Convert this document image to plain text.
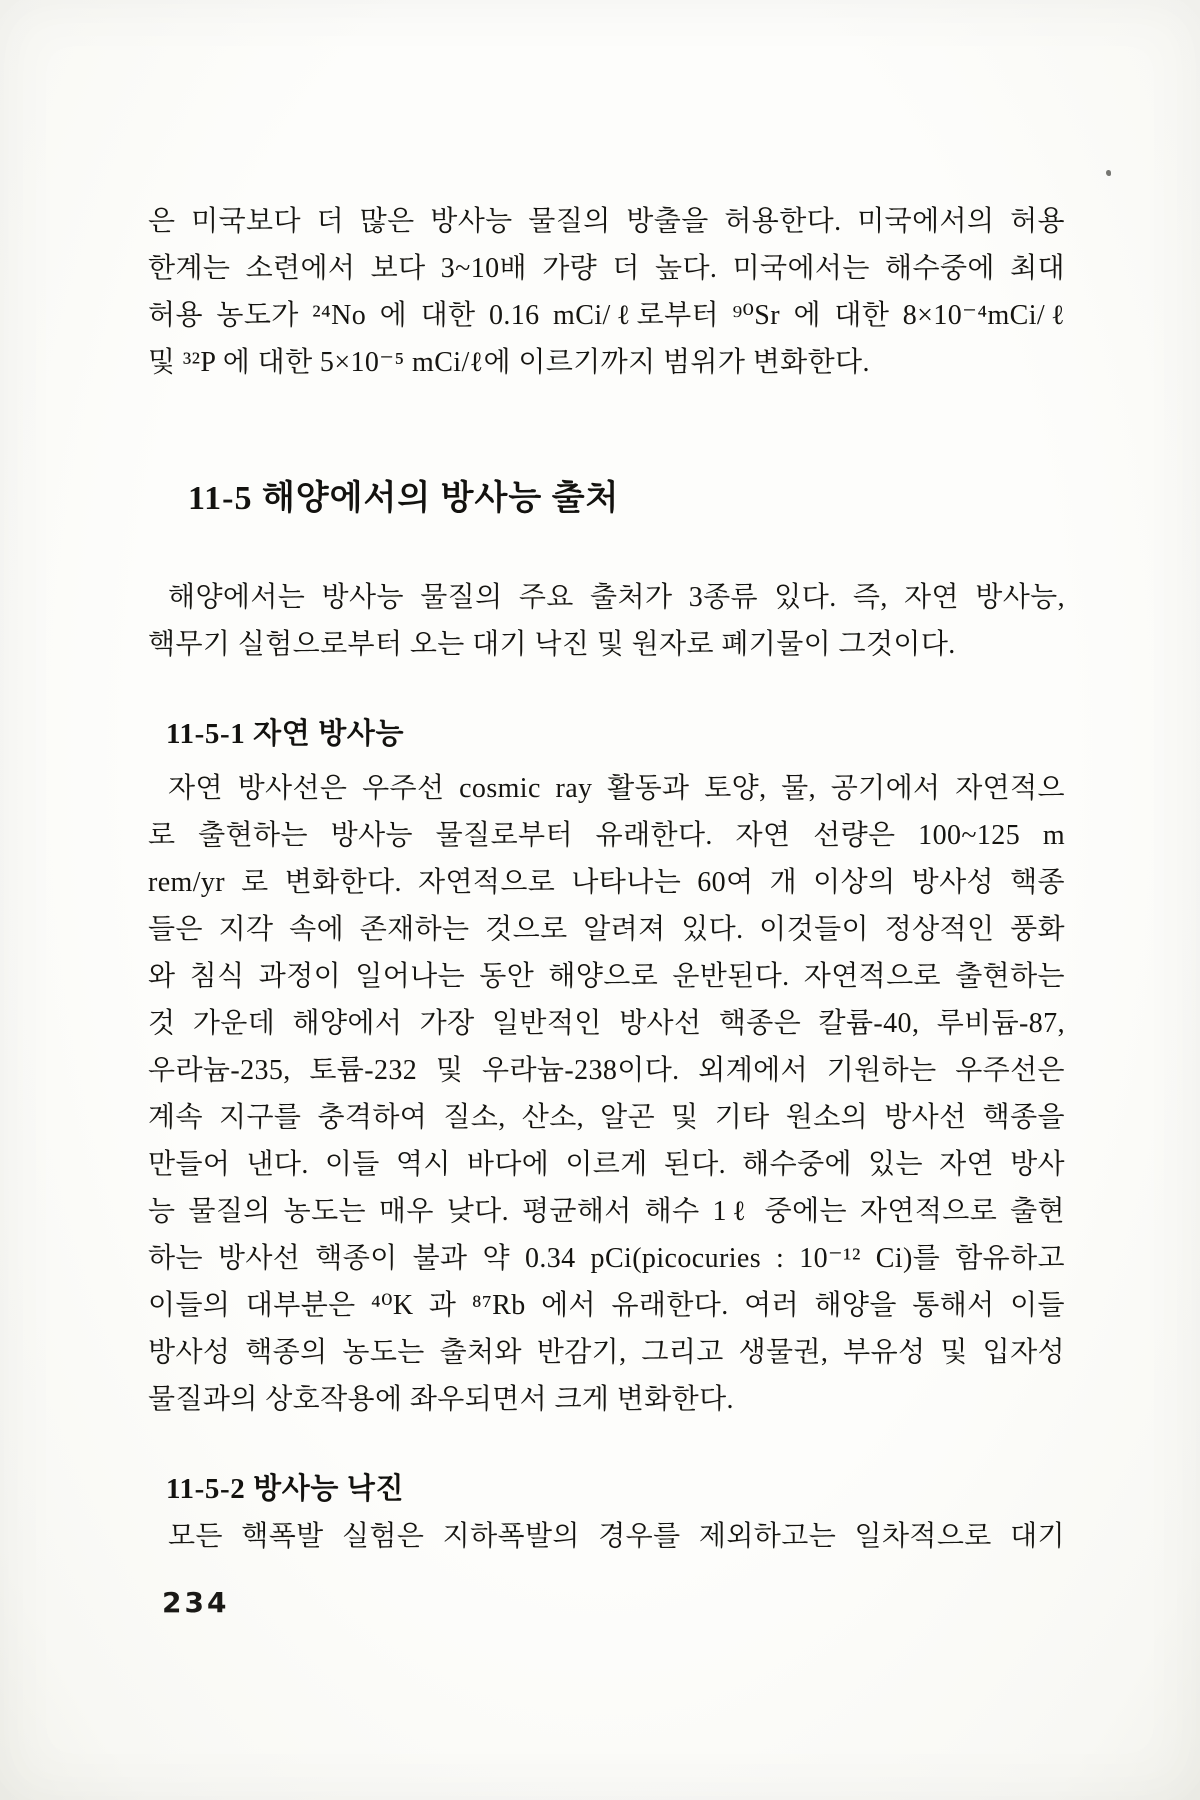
은 미국보다 더 많은 방사능 물질의 방출을 허용한다. 미국에서의 허용
한계는 소련에서 보다 3~10배 가량 더 높다. 미국에서는 해수중에 최대
허용 농도가 ²⁴No 에 대한 0.16 mCi/ℓ로부터 ⁹⁰Sr 에 대한 8×10⁻⁴mCi/ℓ
및 ³²P 에 대한 5×10⁻⁵ mCi/ℓ에 이르기까지 범위가 변화한다.
11-5 해양에서의 방사능 출처
해양에서는 방사능 물질의 주요 출처가 3종류 있다. 즉, 자연 방사능,
핵무기 실험으로부터 오는 대기 낙진 및 원자로 폐기물이 그것이다.
11-5-1 자연 방사능
자연 방사선은 우주선 cosmic ray 활동과 토양, 물, 공기에서 자연적으
로 출현하는 방사능 물질로부터 유래한다. 자연 선량은 100~125 m
rem/yr 로 변화한다. 자연적으로 나타나는 60여 개 이상의 방사성 핵종
들은 지각 속에 존재하는 것으로 알려져 있다. 이것들이 정상적인 풍화
와 침식 과정이 일어나는 동안 해양으로 운반된다. 자연적으로 출현하는
것 가운데 해양에서 가장 일반적인 방사선 핵종은 칼륨-40, 루비듐-87,
우라늄-235, 토륨-232 및 우라늄-238이다. 외계에서 기원하는 우주선은
계속 지구를 충격하여 질소, 산소, 알곤 및 기타 원소의 방사선 핵종을
만들어 낸다. 이들 역시 바다에 이르게 된다. 해수중에 있는 자연 방사
능 물질의 농도는 매우 낮다. 평균해서 해수 1ℓ 중에는 자연적으로 출현
하는 방사선 핵종이 불과 약 0.34 pCi(picocuries : 10⁻¹² Ci)를 함유하고
이들의 대부분은 ⁴⁰K 과 ⁸⁷Rb 에서 유래한다. 여러 해양을 통해서 이들
방사성 핵종의 농도는 출처와 반감기, 그리고 생물권, 부유성 및 입자성
물질과의 상호작용에 좌우되면서 크게 변화한다.
11-5-2 방사능 낙진
모든 핵폭발 실험은 지하폭발의 경우를 제외하고는 일차적으로 대기
234
